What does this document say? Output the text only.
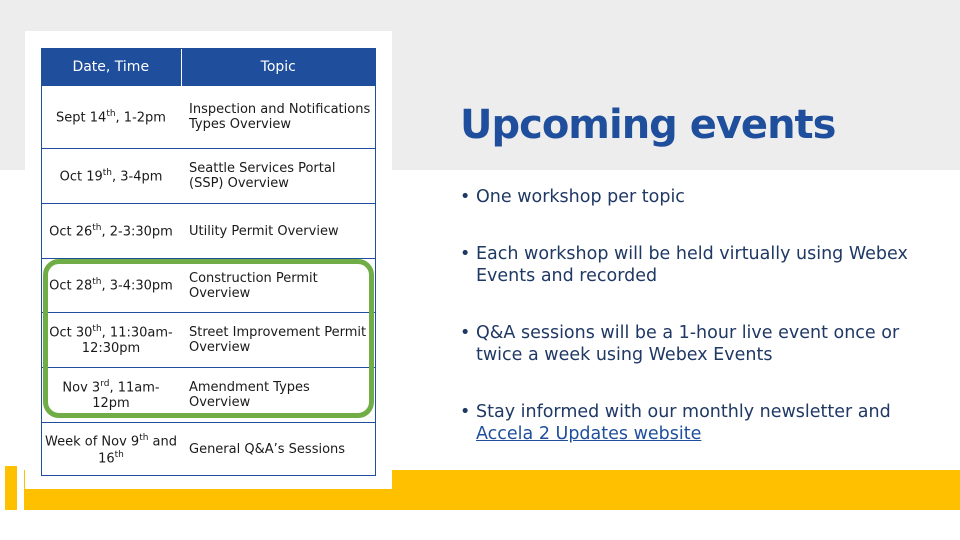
Date, Time	Topic
Sept 14th, 1-2pm	Inspection and Notifications Types Overview
Oct 19th, 3-4pm	Seattle Services Portal (SSP) Overview
Oct 26th, 2-3:30pm	Utility Permit Overview
Oct 28th, 3-4:30pm	Construction Permit Overview
Oct 30th, 11:30am-12:30pm	Street Improvement Permit Overview
Nov 3rd, 11am-12pm	Amendment Types Overview
Week of Nov 9th and 16th	General Q&A’s Sessions
Upcoming events
• One workshop per topic
• Each workshop will be held virtually using Webex Events and recorded
• Q&A sessions will be a 1-hour live event once or twice a week using Webex Events
• Stay informed with our monthly newsletter and Accela 2 Updates website
